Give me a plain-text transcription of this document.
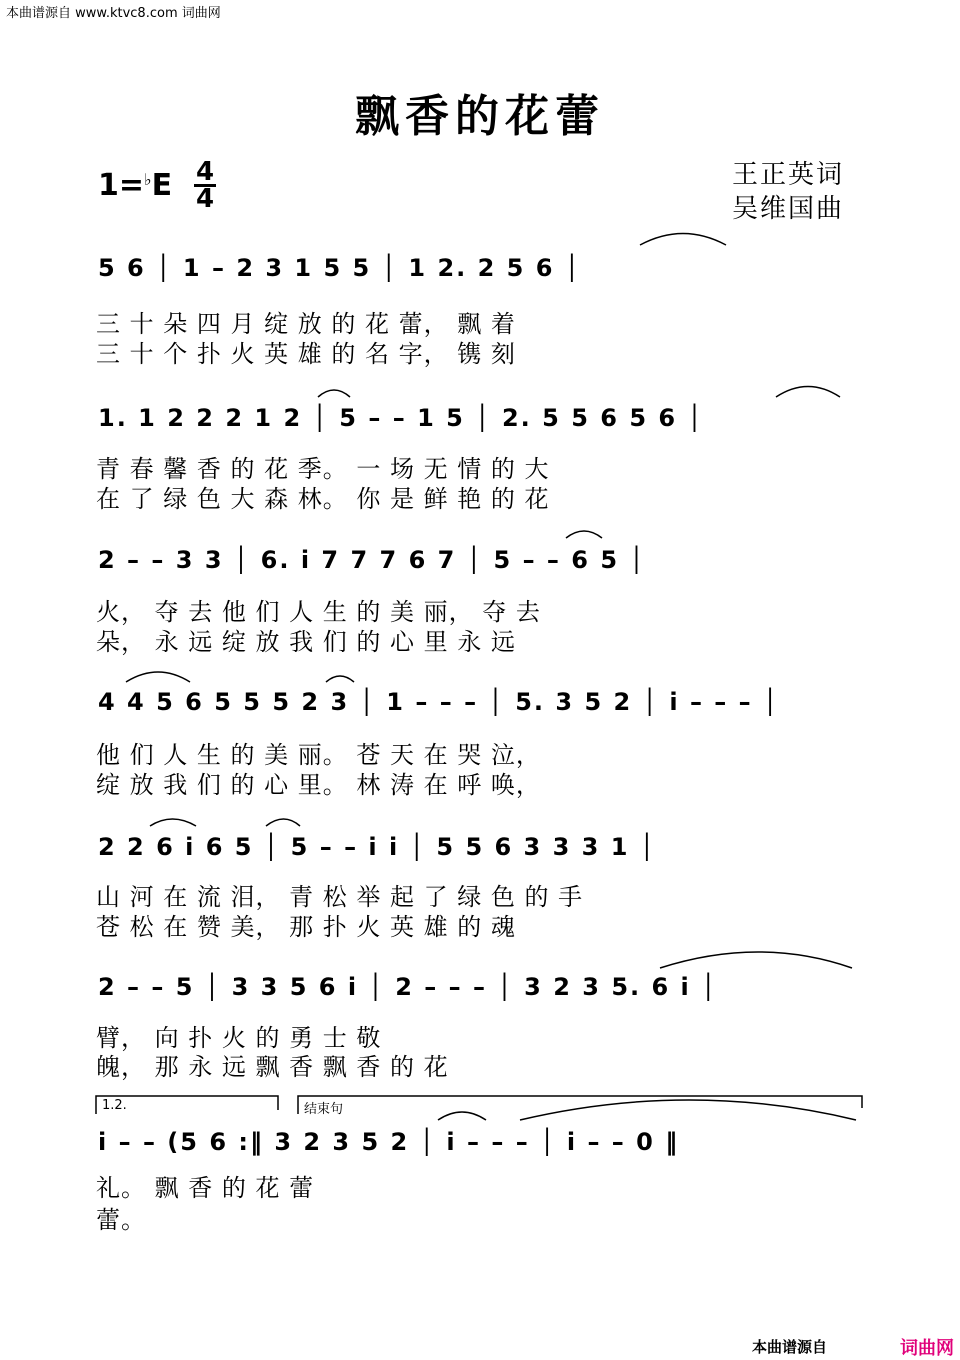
本曲谱源自 www.ktvc8.com 词曲网
飘香的花蕾
$1=^♭E \frac{4}{4}$	王正英词
吴维国曲
5 6 │ 1 – 2 3 1 5 5 │ 1 2. 2 5 6 │
三 十 朵 四 月 绽 放 的 花 蕾， 飘 着
三 十 个 扑 火 英 雄 的 名 字， 镌 刻
1. 1 2 2 2 1 2 │ 5 – – 1 5 │ 2. 5 5 6 5 6 │
青 春 馨 香 的 花 季。 一 场 无 情 的 大
在 了 绿 色 大 森 林。 你 是 鲜 艳 的 花
2 – – 3 3 │ 6. i 7 7 7 6 7 │ 5 – – 6 5 │
火， 夺 去 他 们 人 生 的 美 丽， 夺 去
朵， 永 远 绽 放 我 们 的 心 里 永 远
4 4 5 6 5 5 5 2 3 │ 1 – – – │ 5. 3 5 2 │ i – – – │
他 们 人 生 的 美 丽。 苍 天 在 哭 泣，
绽 放 我 们 的 心 里。 林 涛 在 呼 唤，
2 2 6 i 6 5 │ 5 – – i i │ 5 5 6 3 3 3 1 │
山 河 在 流 泪， 青 松 举 起 了 绿 色 的 手
苍 松 在 赞 美， 那 扑 火 英 雄 的 魂
2 – – 5 │ 3 3 5 6 i │ 2 – – – │ 3 2 3 5. 6 i │
臂， 向 扑 火 的 勇 士 敬
魄， 那 永 远 飘 香 飘 香 的 花
1.2.	结束句
i – – (5 6 :‖ 3 2 3 5 2 │ i – – – │ i – – 0 ‖
礼。 飘 香 的 花 蕾
蕾。
本曲谱源自	词曲网
